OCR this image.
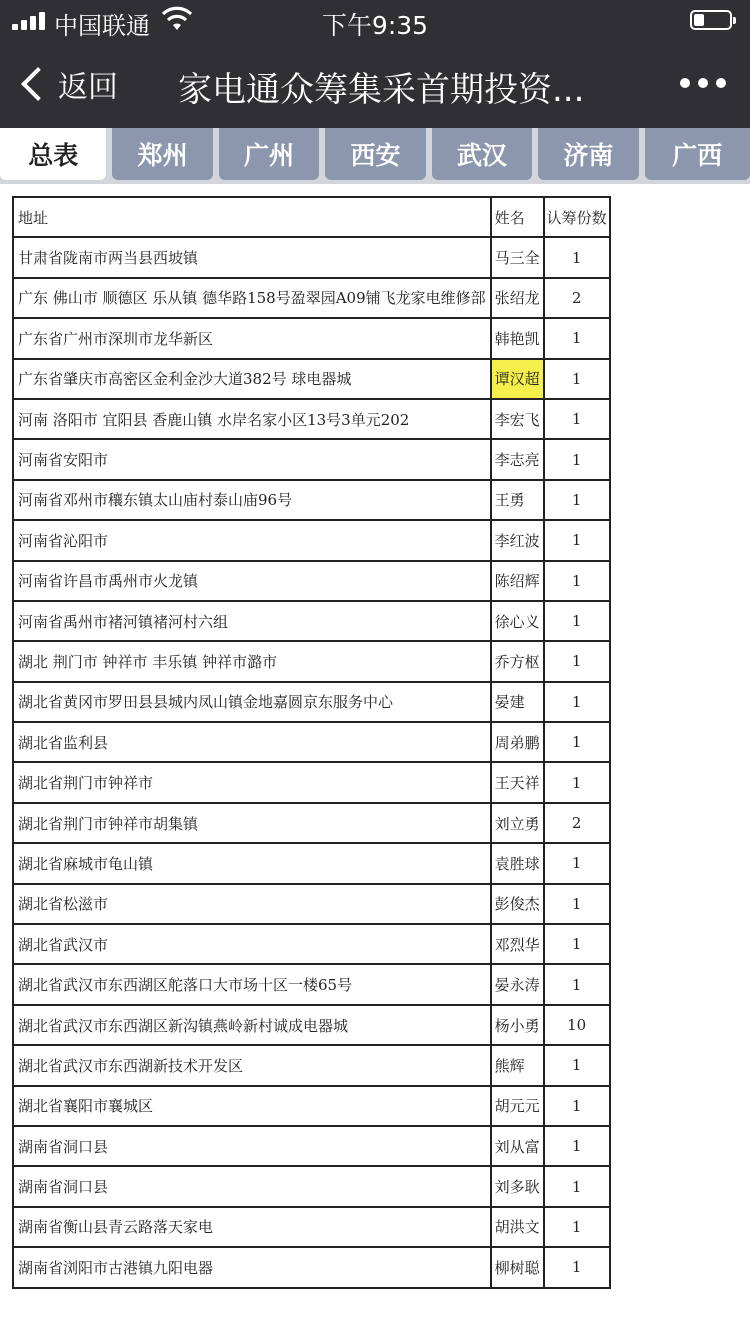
中国联通	下午9:35
返回 家电通众筹集采首期投资...
总表	郑州	广州	西安	武汉	济南	广西
地址	姓名	认筹份数
甘肃省陇南市两当县西坡镇	马三全	1
广东 佛山市 顺德区 乐从镇 德华路158号盈翠园A09铺飞龙家电维修部	张绍龙	2
广东省广州市深圳市龙华新区	韩艳凯	1
广东省肇庆市高密区金利金沙大道382号 球电器城	谭汉超	1
河南 洛阳市 宜阳县 香鹿山镇 水岸名家小区13号3单元202	李宏飞	1
河南省安阳市	李志亮	1
河南省邓州市穰东镇太山庙村泰山庙96号	王勇	1
河南省沁阳市	李红波	1
河南省许昌市禹州市火龙镇	陈绍辉	1
河南省禹州市褚河镇褚河村六组	徐心义	1
湖北 荆门市 钟祥市 丰乐镇 钟祥市潞市	乔方枢	1
湖北省黄冈市罗田县县城内凤山镇金地嘉圆京东服务中心	晏建	1
湖北省监利县	周弟鹏	1
湖北省荆门市钟祥市	王天祥	1
湖北省荆门市钟祥市胡集镇	刘立勇	2
湖北省麻城市龟山镇	袁胜球	1
湖北省松滋市	彭俊杰	1
湖北省武汉市	邓烈华	1
湖北省武汉市东西湖区舵落口大市场十区一楼65号	晏永涛	1
湖北省武汉市东西湖区新沟镇燕岭新村诚成电器城	杨小勇	10
湖北省武汉市东西湖新技术开发区	熊辉	1
湖北省襄阳市襄城区	胡元元	1
湖南省洞口县	刘从富	1
湖南省洞口县	刘多耿	1
湖南省衡山县青云路落天家电	胡洪文	1
湖南省浏阳市古港镇九阳电器	柳树聪	1
